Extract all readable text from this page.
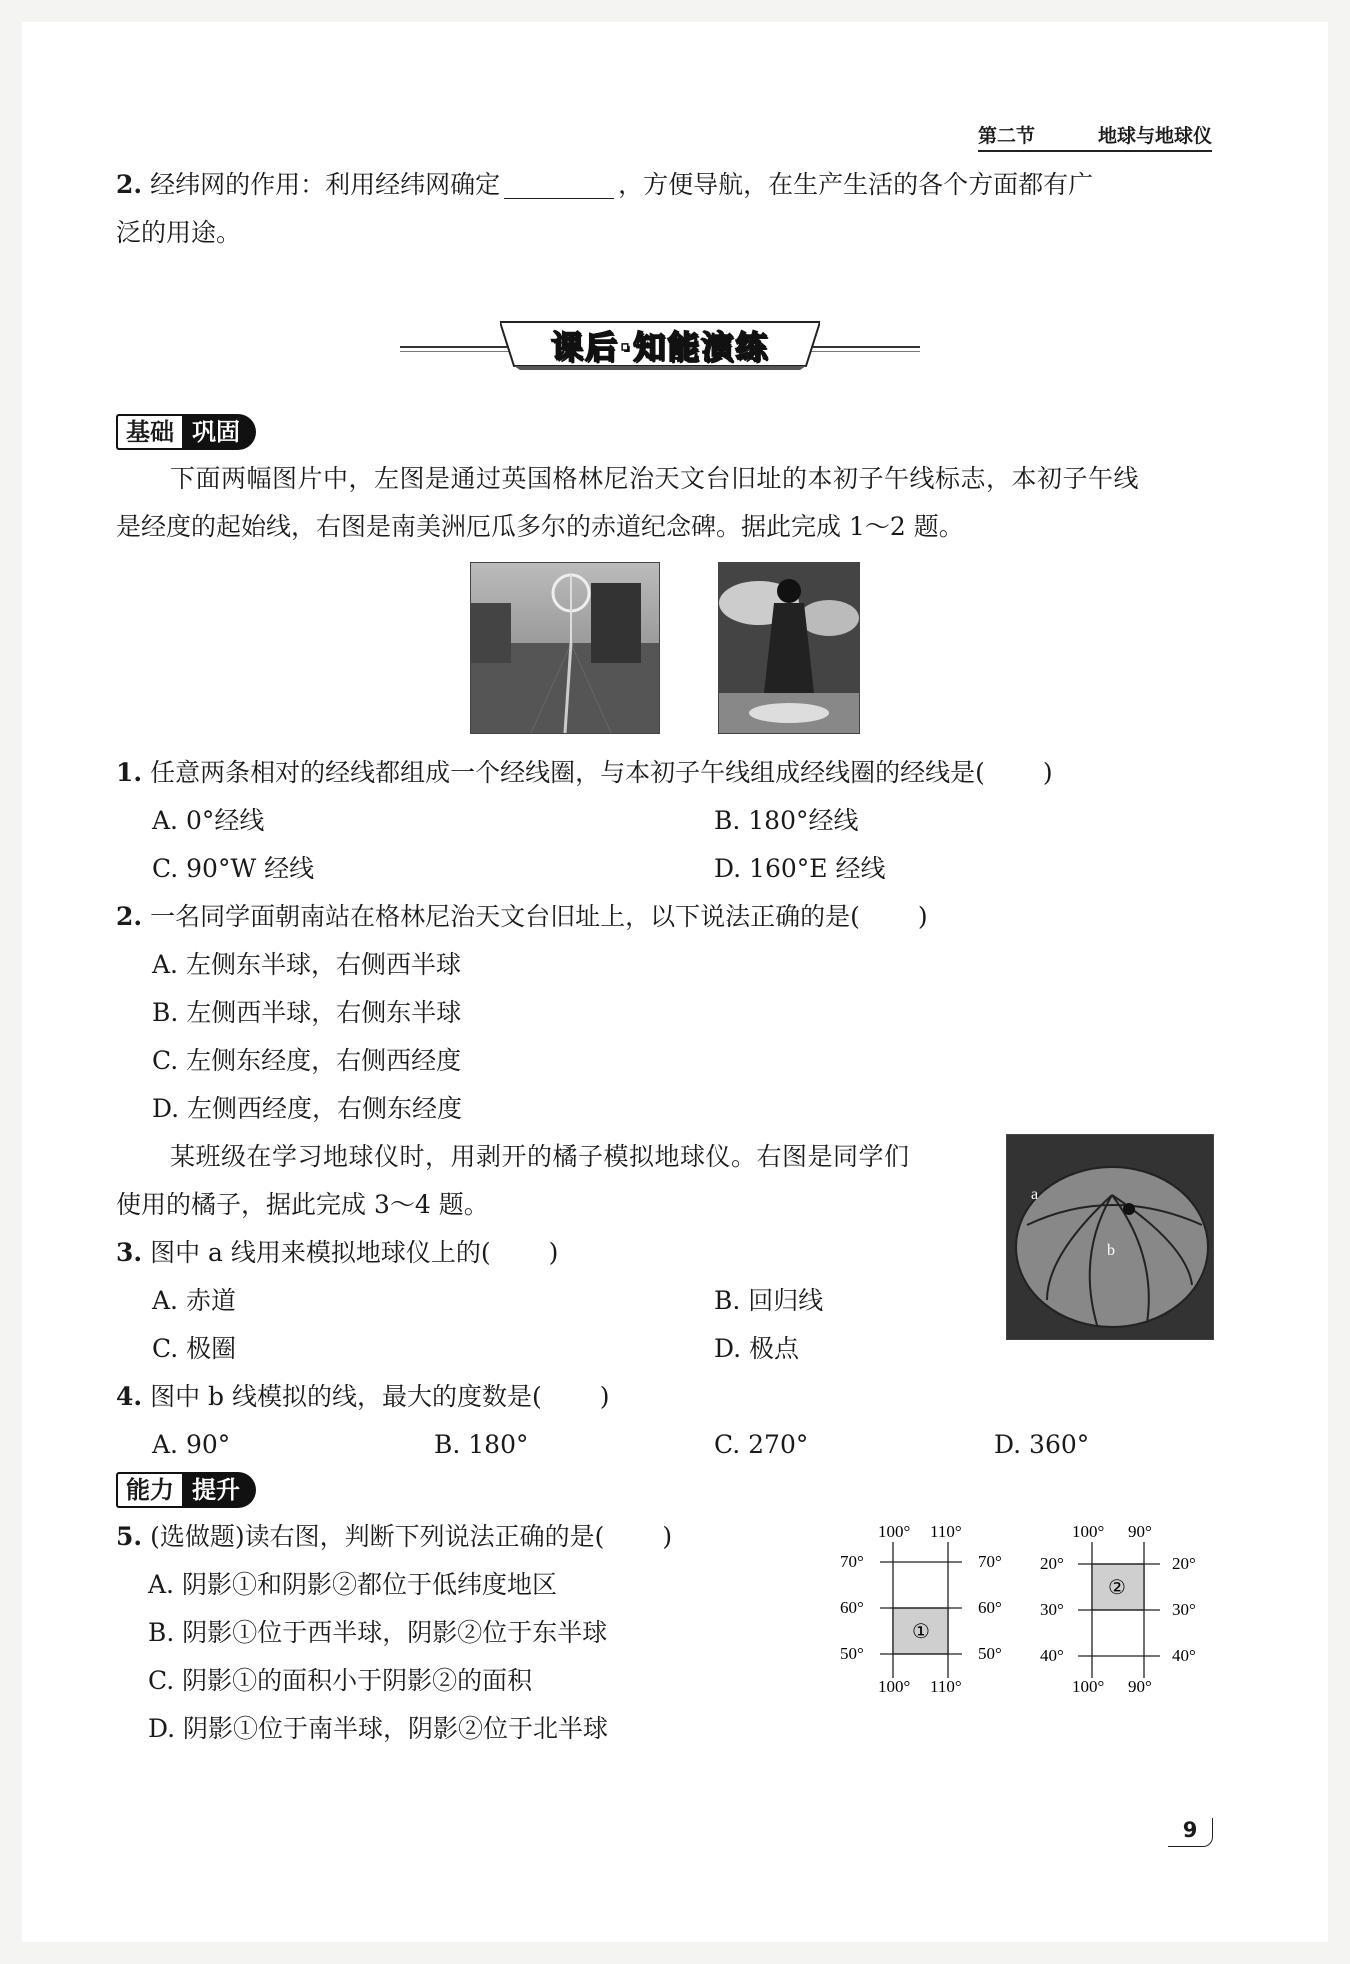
第二节	地球与地球仪
2. 经纬网的作用：利用经纬网确定	，方便导航，在生产生活的各个方面都有广
泛的用途。
课后·知能演练
基础 巩固
下面两幅图片中，左图是通过英国格林尼治天文台旧址的本初子午线标志，本初子午线
是经度的起始线，右图是南美洲厄瓜多尔的赤道纪念碑。据此完成 1～2 题。
1. 任意两条相对的经线都组成一个经线圈，与本初子午线组成经线圈的经线是( )
A. 0°经线	B. 180°经线
C. 90°W 经线	D. 160°E 经线
2. 一名同学面朝南站在格林尼治天文台旧址上，以下说法正确的是( )
A. 左侧东半球，右侧西半球
B. 左侧西半球，右侧东半球
C. 左侧东经度，右侧西经度
D. 左侧西经度，右侧东经度
某班级在学习地球仪时，用剥开的橘子模拟地球仪。右图是同学们
使用的橘子，据此完成 3～4 题。	a
b
3. 图中 a 线用来模拟地球仪上的( )
A. 赤道	B. 回归线
C. 极圈	D. 极点
4. 图中 b 线模拟的线，最大的度数是( )
A. 90°	B. 180°	C. 270°	D. 360°
能力 提升
5. (选做题)读右图，判断下列说法正确的是( )
A. 阴影①和阴影②都位于低纬度地区
B. 阴影①位于西半球，阴影②位于东半球
C. 阴影①的面积小于阴影②的面积
D. 阴影①位于南半球，阴影②位于北半球
100° 110°
70°
60°
50°
70°
60°
50°
①
100° 110°
100° 90°
20°
30°
40°
20°
30°
40°
②
100° 90°
9
